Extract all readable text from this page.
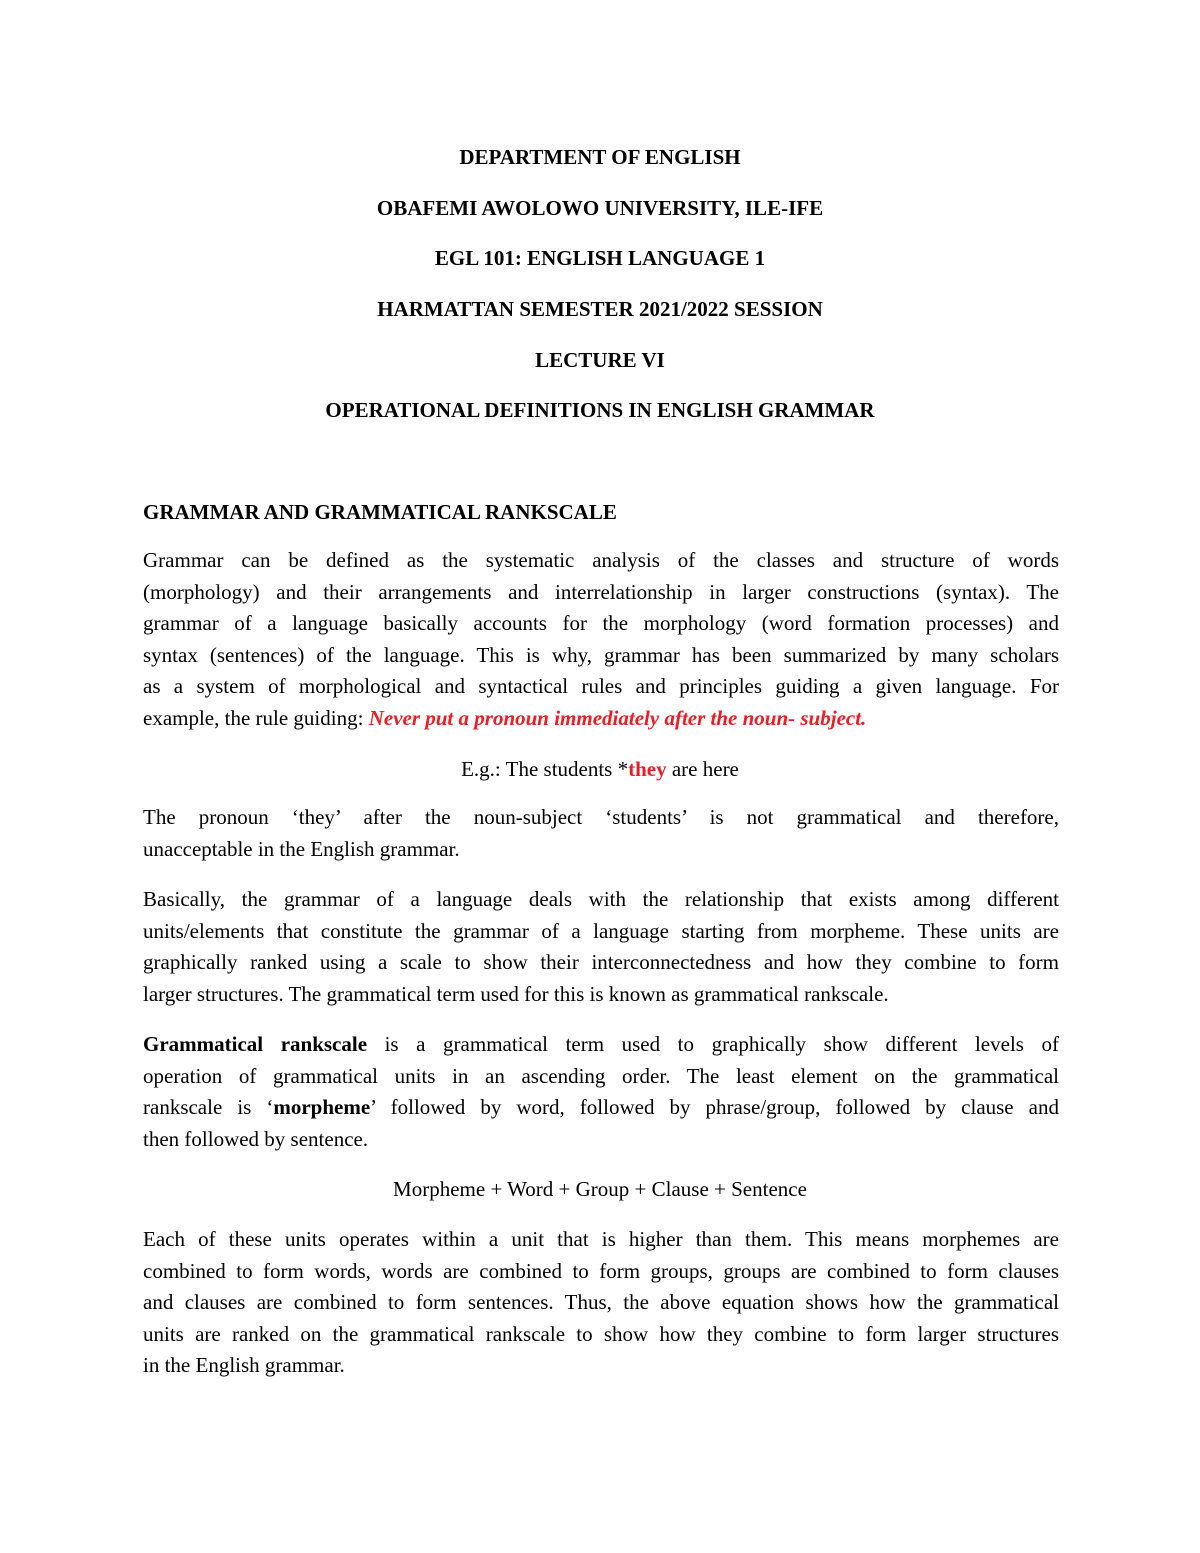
DEPARTMENT OF ENGLISH
OBAFEMI AWOLOWO UNIVERSITY, ILE-IFE
EGL 101: ENGLISH LANGUAGE 1
HARMATTAN SEMESTER 2021/2022 SESSION
LECTURE VI
OPERATIONAL DEFINITIONS IN ENGLISH GRAMMAR
GRAMMAR AND GRAMMATICAL RANKSCALE
Grammar can be defined as the systematic analysis of the classes and structure of words
(morphology) and their arrangements and interrelationship in larger constructions (syntax). The
grammar of a language basically accounts for the morphology (word formation processes) and
syntax (sentences) of the language. This is why, grammar has been summarized by many scholars
as a system of morphological and syntactical rules and principles guiding a given language. For
example, the rule guiding: Never put a pronoun immediately after the noun- subject.
E.g.: The students *they are here
The pronoun ‘they’ after the noun-subject ‘students’ is not grammatical and therefore,
unacceptable in the English grammar.
Basically, the grammar of a language deals with the relationship that exists among different
units/elements that constitute the grammar of a language starting from morpheme. These units are
graphically ranked using a scale to show their interconnectedness and how they combine to form
larger structures. The grammatical term used for this is known as grammatical rankscale.
Grammatical rankscale is a grammatical term used to graphically show different levels of
operation of grammatical units in an ascending order. The least element on the grammatical
rankscale is ‘morpheme’ followed by word, followed by phrase/group, followed by clause and
then followed by sentence.
Morpheme + Word + Group + Clause + Sentence
Each of these units operates within a unit that is higher than them. This means morphemes are
combined to form words, words are combined to form groups, groups are combined to form clauses
and clauses are combined to form sentences. Thus, the above equation shows how the grammatical
units are ranked on the grammatical rankscale to show how they combine to form larger structures
in the English grammar.
